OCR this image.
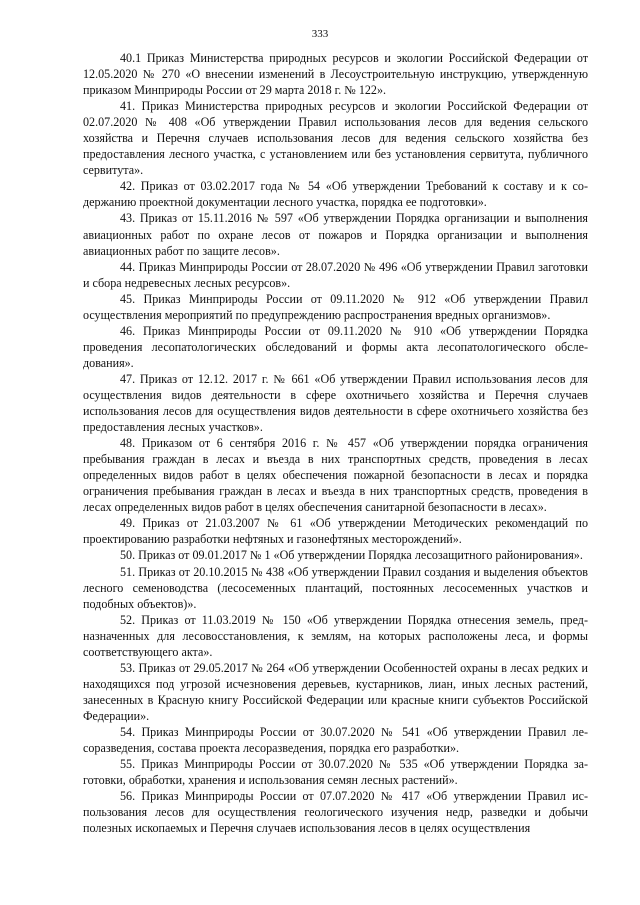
333

40.1 Приказ Министерства природных ресурсов и экологии Российской Федерации от 12.05.2020 № 270 «О внесении изменений в Лесоустроительную инструкцию, утвержденную приказом Минприроды России от 29 марта 2018 г. № 122».

41. Приказ Министерства природных ресурсов и экологии Российской Федерации от 02.07.2020 № 408 «Об утверждении Правил использования лесов для ведения сельского хозяйства и Перечня случаев использования лесов для ведения сельского хозяйства без предоставления лесного участка, с установлением или без установления сервитута, публичного сервитута».

42. Приказ от 03.02.2017 года № 54 «Об утверждении Требований к составу и к содержанию проектной документации лесного участка, порядка ее подготовки».

43. Приказ от 15.11.2016 № 597 «Об утверждении Порядка организации и выполнения авиационных работ по охране лесов от пожаров и Порядка организации и выполнения авиационных работ по защите лесов».

44. Приказ Минприроды России от 28.07.2020 № 496 «Об утверждении Правил заготовки и сбора недревесных лесных ресурсов».

45. Приказ Минприроды России от 09.11.2020 № 912 «Об утверждении Правил осуществления мероприятий по предупреждению распространения вредных организмов».

46. Приказ Минприроды России от 09.11.2020 № 910 «Об утверждении Порядка проведения лесопатологических обследований и формы акта лесопатологического обследования».

47. Приказ от 12.12. 2017 г. № 661 «Об утверждении Правил использования лесов для осуществления видов деятельности в сфере охотничьего хозяйства и Перечня случаев использования лесов для осуществления видов деятельности в сфере охотничьего хозяйства без предоставления лесных участков».

48. Приказом от 6 сентября 2016 г. № 457 «Об утверждении порядка ограничения пребывания граждан в лесах и въезда в них транспортных средств, проведения в лесах определенных видов работ в целях обеспечения пожарной безопасности в лесах и порядка ограничения пребывания граждан в лесах и въезда в них транспортных средств, проведения в лесах определенных видов работ в целях обеспечения санитарной безопасности в лесах».

49. Приказ от 21.03.2007 № 61 «Об утверждении Методических рекомендаций по проектированию разработки нефтяных и газонефтяных месторождений».

50. Приказ от 09.01.2017 № 1 «Об утверждении Порядка лесозащитного районирования».

51. Приказ от 20.10.2015 № 438 «Об утверждении Правил создания и выделения объектов лесного семеноводства (лесосеменных плантаций, постоянных лесосеменных участков и подобных объектов)».

52. Приказ от 11.03.2019 № 150 «Об утверждении Порядка отнесения земель, предназначенных для лесовосстановления, к землям, на которых расположены леса, и формы соответствующего акта».

53. Приказ от 29.05.2017 № 264 «Об утверждении Особенностей охраны в лесах редких и находящихся под угрозой исчезновения деревьев, кустарников, лиан, иных лесных растений, занесенных в Красную книгу Российской Федерации или красные книги субъектов Российской Федерации».

54. Приказ Минприроды России от 30.07.2020 № 541 «Об утверждении Правил лесоразведения, состава проекта лесоразведения, порядка его разработки».

55. Приказ Минприроды России от 30.07.2020 № 535 «Об утверждении Порядка заготовки, обработки, хранения и использования семян лесных растений».

56. Приказ Минприроды России от 07.07.2020 № 417 «Об утверждении Правил использования лесов для осуществления геологического изучения недр, разведки и добычи полезных ископаемых и Перечня случаев использования лесов в целях осуществления
